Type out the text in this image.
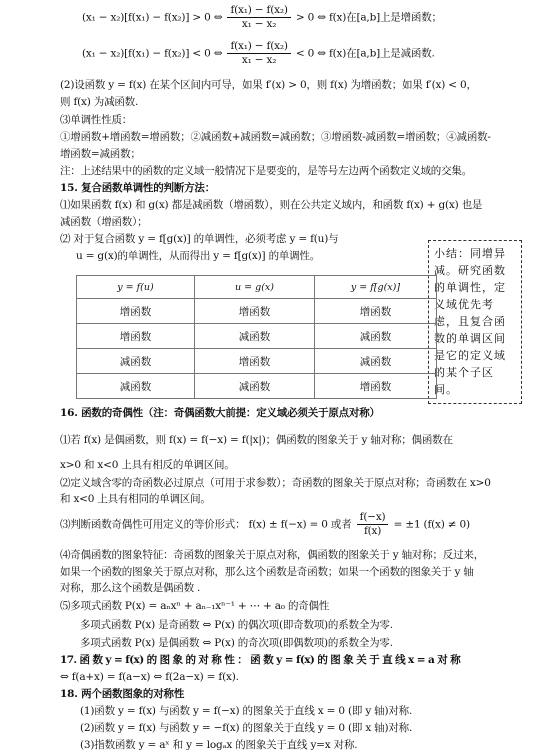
(x₁ − x₂)[f(x₁) − f(x₂)] > 0 ⇔ $\frac{\text{f(x₁) − f(x₂)}}{\text{x₁ − x₂}} > 0$ ⇔ f(x)在[a,b]上是增函数；
(x₁ − x₂)[f(x₁) − f(x₂)] < 0 ⇔ $\frac{\text{f(x₁) − f(x₂)}}{\text{x₁ − x₂}} < 0$ ⇔ f(x)在[a,b]上是减函数.
(2)设函数 y = f(x) 在某个区间内可导，如果 f′(x) > 0，则 f(x) 为增函数；如果 f′(x) < 0，
则 f(x) 为减函数.
⑶单调性性质：
①增函数+增函数=增函数；②减函数+减函数=减函数；③增函数-减函数=增函数；④减函数-
增函数=减函数；
注：上述结果中的函数的定义域一般情况下是要变的，是等号左边两个函数定义域的交集。
15. 复合函数单调性的判断方法：
⑴如果函数 f(x) 和 g(x) 都是减函数（增函数），则在公共定义域内，和函数 f(x) + g(x) 也是
减函数（增函数）；
⑵ 对于复合函数 y = f[g(x)] 的单调性，必须考虑 y = f(u)与
u = g(x)的单调性，从而得出 y = f[g(x)] 的单调性。	小结：同增异减。研究函数的单调性，定义域优先考虑，且复合函数的单调区间是它的定义域的某个子区间。
y = f(u)	u = g(x)	y = f[g(x)]
增函数	增函数	增函数
增函数	减函数	减函数
减函数	增函数	减函数
减函数	减函数	增函数
16. 函数的奇偶性（注：奇偶函数大前提：定义域必须关于原点对称）
⑴若 f(x) 是偶函数，则 f(x) = f(−x) = f(|x|)；偶函数的图象关于 y 轴对称；偶函数在
x>0 和 x<0 上具有相反的单调区间。
⑵定义域含零的奇函数必过原点（可用于求参数）；奇函数的图象关于原点对称；奇函数在 x>0
和 x<0 上具有相同的单调区间。
⑶判断函数奇偶性可用定义的等价形式： f(x) ± f(−x) = 0 或者 $\frac{f(-x)}{f(x)} = \pm 1$ (f(x) ≠ 0)
⑷奇偶函数的图象特征：奇函数的图象关于原点对称，偶函数的图象关于 y 轴对称；反过来，
如果一个函数的图象关于原点对称，那么这个函数是奇函数；如果一个函数的图象关于 y 轴
对称，那么这个函数是偶函数 .
⑸多项式函数 P(x) = aₙxⁿ + aₙ₋₁xⁿ⁻¹ + ⋯ + a₀ 的奇偶性
多项式函数 P(x) 是奇函数 ⇔ P(x) 的偶次项(即奇数项)的系数全为零.
多项式函数 P(x) 是偶函数 ⇔ P(x) 的奇次项(即偶数项)的系数全为零.
17. 函 数 y = f(x) 的 图 象 的 对 称 性 ： 函 数 y = f(x) 的 图 象 关 于 直 线 x = a 对 称
⇔ f(a+x) = f(a−x) ⇔ f(2a−x) = f(x).
18. 两个函数图象的对称性
(1)函数 y = f(x) 与函数 y = f(−x) 的图象关于直线 x = 0 (即 y 轴)对称.
(2)函数 y = f(x) 与函数 y = −f(x) 的图象关于直线 y = 0 (即 x 轴)对称.
(3)指数函数 y = aˣ 和 y = logₐx 的图象关于直线 y=x 对称.
